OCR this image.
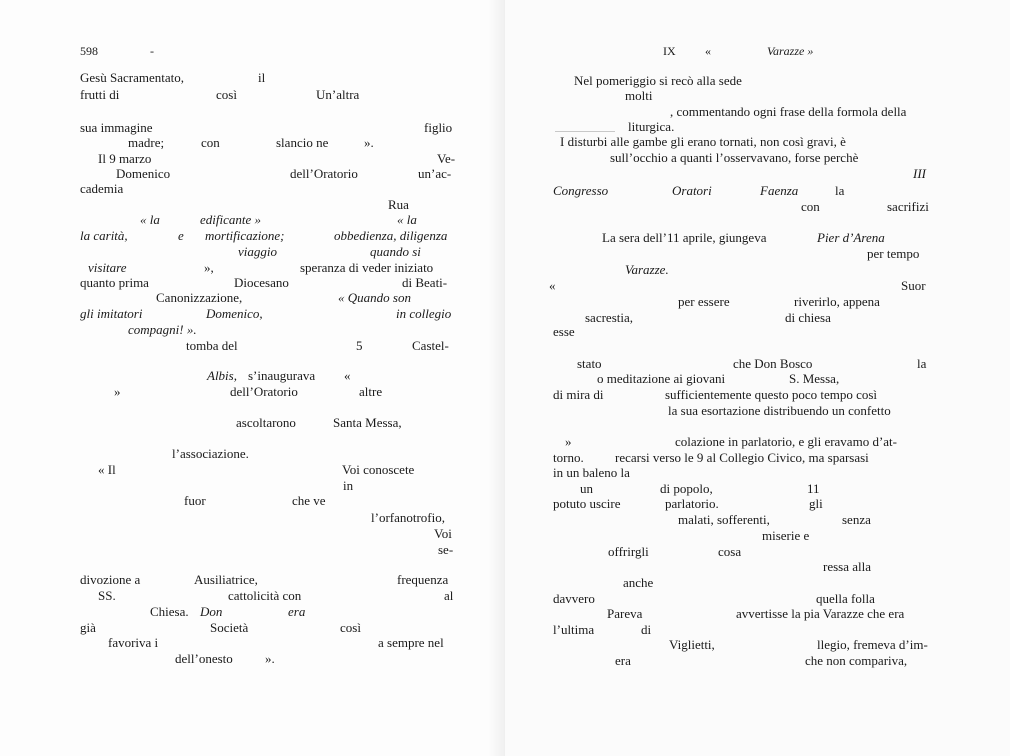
598	-
Gesù Sacramentato,	il
frutti di	così	Un’altra
sua immagine	figlio
madre;	con	slancio ne	».
Il 9 marzo	Ve-
Domenico	dell’Oratorio	un’ac-
cademia
Rua
« la	edificante »	« la
la carità,	e mortificazione;	obbedienza, diligenza
viaggio	quando si
visitare	»,	speranza di veder iniziato
quanto prima	Diocesano	di Beati-
Canonizzazione,	« Quando son
gli imitatori	Domenico,	in collegio
compagni! ».
tomba del	5	Castel-
Albis, s’inaugurava «
»	dell’Oratorio	altre
ascoltarono	Santa Messa,
l’associazione.
« Il	Voi conoscete
in
fuor	che ve
l’orfanotrofio,
Voi
se-
divozione a	Ausiliatrice,	frequenza
SS.	cattolicità con	al
Chiesa. Don	era
già	Società	così
favoriva i	a sempre nel
dell’onesto ».
IX «	Varazze »
Nel pomeriggio si recò alla sede
molti
, commentando ogni frase della formola della
liturgica.
I disturbi alle gambe gli erano tornati, non così gravi, è
sull’occhio a quanti l’osservavano, forse perchè
III
Congresso	Oratori	Faenza	la
con	sacrifizi
La sera dell’11 aprile, giungeva	Pier d’Arena
per tempo
Varazze.
«	Suor
per essere	riverirlo, appena
sacrestia,	di chiesa
esse
stato	che Don Bosco	la
o meditazione ai giovani	S. Messa,
di mira di	sufficientemente questo poco tempo così
la sua esortazione distribuendo un confetto
»	colazione in parlatorio, e gli eravamo d’at-
torno. recarsi verso le 9 al Collegio Civico, ma sparsasi
in un baleno la
un	di popolo,	11
potuto uscire	parlatorio.	gli
malati, sofferenti,	senza
miserie e
offrirgli	cosa
ressa alla
anche
davvero	quella folla
Pareva	avvertisse la pia Varazze che era
l’ultima	di
Viglietti,	llegio, fremeva d’im-
era	che non compariva,
